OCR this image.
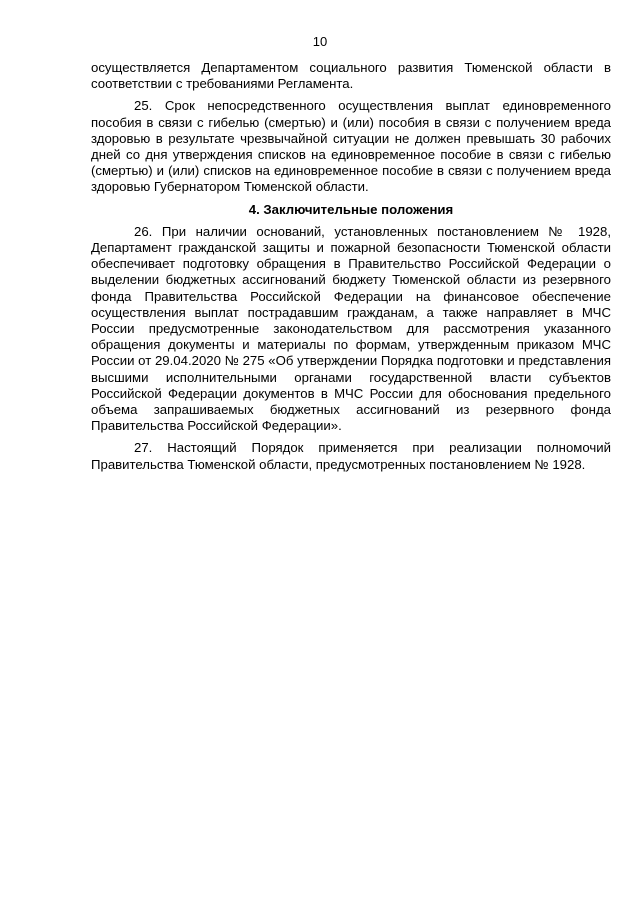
10

осуществляется Департаментом социального развития Тюменской области в соответствии с требованиями Регламента.

25. Срок непосредственного осуществления выплат единовременного пособия в связи с гибелью (смертью) и (или) пособия в связи с получением вреда здоровью в результате чрезвычайной ситуации не должен превышать 30 рабочих дней со дня утверждения списков на единовременное пособие в связи с гибелью (смертью) и (или) списков на единовременное пособие в связи с получением вреда здоровью Губернатором Тюменской области.

4. Заключительные положения

26. При наличии оснований, установленных постановлением № 1928, Департамент гражданской защиты и пожарной безопасности Тюменской области обеспечивает подготовку обращения в Правительство Российской Федерации о выделении бюджетных ассигнований бюджету Тюменской области из резервного фонда Правительства Российской Федерации на финансовое обеспечение осуществления выплат пострадавшим гражданам, а также направляет в МЧС России предусмотренные законодательством для рассмотрения указанного обращения документы и материалы по формам, утвержденным приказом МЧС России от 29.04.2020 № 275 «Об утверждении Порядка подготовки и представления высшими исполнительными органами государственной власти субъектов Российской Федерации документов в МЧС России для обоснования предельного объема запрашиваемых бюджетных ассигнований из резервного фонда Правительства Российской Федерации».

27. Настоящий Порядок применяется при реализации полномочий Правительства Тюменской области, предусмотренных постановлением № 1928.
